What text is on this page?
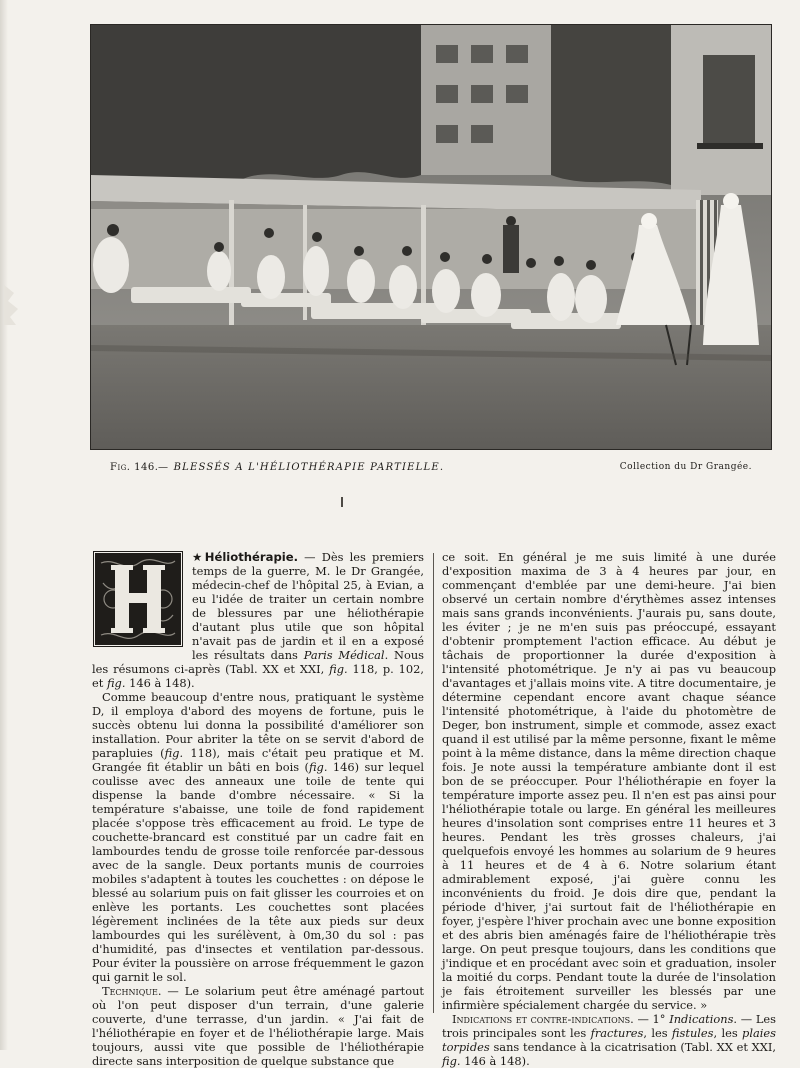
Fig. 146. — BLESSÉS A L'HÉLIOTHÉRAPIE PARTIELLE.	Collection du Dr Grangée.

★Héliothérapie. — Dès les premiers temps de la guerre, M. le Dr Grangée, médecin-chef de l'hôpital 25, à Evian, a eu l'idée de traiter un certain nombre de blessures par une héliothérapie d'autant plus utile que son hôpital n'avait pas de jardin et il en a exposé les résultats dans Paris Médical. Nous les résumons ci-après (Tabl. XX et XXI, fig. 118, p. 102, et fig. 146 à 148).

Comme beaucoup d'entre nous, pratiquant le système D, il employa d'abord des moyens de fortune, puis le succès obtenu lui donna la possibilité d'améliorer son installation. Pour abriter la tête on se servit d'abord de parapluies (fig. 118), mais c'était peu pratique et M. Grangée fit établir un bâti en bois (fig. 146) sur lequel coulisse avec des anneaux une toile de tente qui dispense la bande d'ombre nécessaire. « Si la température s'abaisse, une toile de fond rapidement placée s'oppose très efficacement au froid. Le type de couchette-brancard est constitué par un cadre fait en lambourdes tendu de grosse toile renforcée par-dessous avec de la sangle. Deux portants munis de courroies mobiles s'adaptent à toutes les couchettes : on dépose le blessé au solarium puis on fait glisser les courroies et on enlève les portants. Les couchettes sont placées légèrement inclinées de la tête aux pieds sur deux lambourdes qui les surélèvent, à 0m,30 du sol : pas d'humidité, pas d'insectes et ventilation par-dessous. Pour éviter la poussière on arrose fréquemment le gazon qui garnit le sol.

Technique. — Le solarium peut être aménagé partout où l'on peut disposer d'un terrain, d'une galerie couverte, d'une terrasse, d'un jardin. « J'ai fait de l'héliothérapie en foyer et de l'héliothérapie large. Mais toujours, aussi vite que possible de l'héliothérapie directe sans interposition de quelque substance que

ce soit. En général je me suis limité à une durée d'exposition maxima de 3 à 4 heures par jour, en commençant d'emblée par une demi-heure. J'ai bien observé un certain nombre d'érythèmes assez intenses mais sans grands inconvénients. J'aurais pu, sans doute, les éviter ; je ne m'en suis pas préoccupé, essayant d'obtenir promptement l'action efficace. Au début je tâchais de proportionner la durée d'exposition à l'intensité photométrique. Je n'y ai pas vu beaucoup d'avantages et j'allais moins vite. A titre documentaire, je détermine cependant encore avant chaque séance l'intensité photométrique, à l'aide du photomètre de Deger, bon instrument, simple et commode, assez exact quand il est utilisé par la même personne, fixant le même point à la même distance, dans la même direction chaque fois. Je note aussi la température ambiante dont il est bon de se préoccuper. Pour l'héliothérapie en foyer la température importe assez peu. Il n'en est pas ainsi pour l'héliothérapie totale ou large. En général les meilleures heures d'insolation sont comprises entre 11 heures et 3 heures. Pendant les très grosses chaleurs, j'ai quelquefois envoyé les hommes au solarium de 9 heures à 11 heures et de 4 à 6. Notre solarium étant admirablement exposé, j'ai guère connu les inconvénients du froid. Je dois dire que, pendant la période d'hiver, j'ai surtout fait de l'héliothérapie en foyer, j'espère l'hiver prochain avec une bonne exposition et des abris bien aménagés faire de l'héliothérapie très large. On peut presque toujours, dans les conditions que j'indique et en procédant avec soin et graduation, insoler la moitié du corps. Pendant toute la durée de l'insolation je fais étroitement surveiller les blessés par une infirmière spécialement chargée du service. »

Indications et contre-indications. — 1° Indications. — Les trois principales sont les fractures, les fistules, les plaies torpides sans tendance à la cicatrisation (Tabl. XX et XXI, fig. 146 à 148).
